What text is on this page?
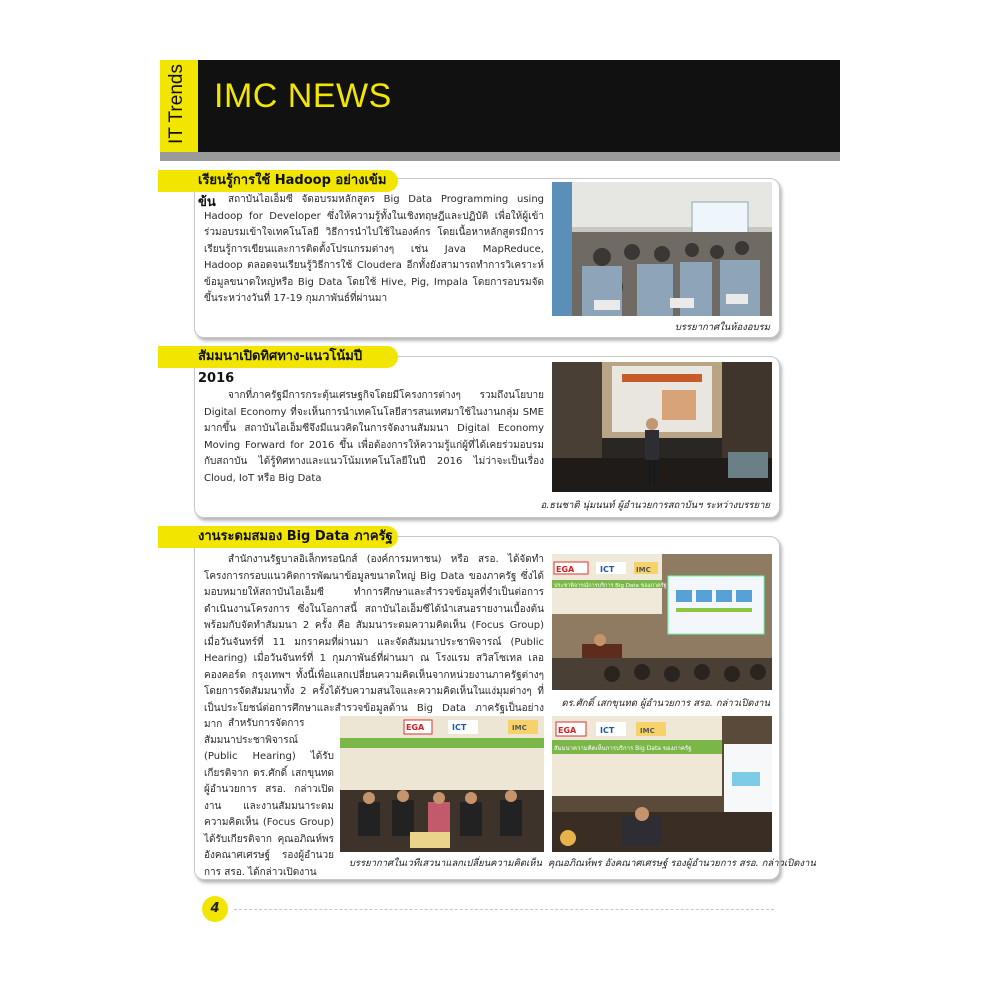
IT Trends IMC NEWS
เรียนรู้การใช้ Hadoop อย่างเข้มข้น	สถาบันไอเอ็มซี จัดอบรมหลักสูตร Big Data Programming using Hadoop for Developer ซึ่งให้ความรู้ทั้งในเชิงทฤษฎีและปฏิบัติ เพื่อให้ผู้เข้าร่วมอบรมเข้าใจเทคโนโลยี วิธีการนำไปใช้ในองค์กร โดยเนื้อหาหลักสูตรมีการเรียนรู้การเขียนและการติดตั้งโปรแกรมต่างๆ เช่น Java MapReduce, Hadoop ตลอดจนเรียนรู้วิธีการใช้ Cloudera อีกทั้งยังสามารถทำการวิเคราะห์ข้อมูลขนาดใหญ่หรือ Big Data โดยใช้ Hive, Pig, Impala โดยการอบรมจัดขึ้นระหว่างวันที่ 17-19 กุมภาพันธ์ที่ผ่านมา
บรรยากาศในห้องอบรม
สัมมนาเปิดทิศทาง-แนวโน้มปี 2016
จากที่ภาครัฐมีการกระตุ้นเศรษฐกิจโดยมีโครงการต่างๆ รวมถึงนโยบาย Digital Economy ที่จะเห็นการนำเทคโนโลยีสารสนเทศมาใช้ในงานกลุ่ม SME มากขึ้น สถาบันไอเอ็มซีจึงมีแนวคิดในการจัดงานสัมมนา Digital Economy Moving Forward for 2016 ขึ้น เพื่อต้องการให้ความรู้แก่ผู้ที่ได้เคยร่วมอบรมกับสถาบัน ได้รู้ทิศทางและแนวโน้มเทคโนโลยีในปี 2016 ไม่ว่าจะเป็นเรื่อง Cloud, IoT หรือ Big Data
อ.ธนชาติ นุ่มนนท์ ผู้อำนวยการสถาบันฯ ระหว่างบรรยาย
งานระดมสมอง Big Data ภาครัฐ
สำนักงานรัฐบาลอิเล็กทรอนิกส์ (องค์การมหาชน) หรือ สรอ. ได้จัดทำโครงการกรอบแนวคิดการพัฒนาข้อมูลขนาดใหญ่ Big Data ของภาครัฐ ซึ่งได้มอบหมายให้สถาบันไอเอ็มซี ทำการศึกษาและสำรวจข้อมูลที่จำเป็นต่อการดำเนินงานโครงการ ซึ่งในโอกาสนี้ สถาบันไอเอ็มซีได้นำเสนอรายงานเบื้องต้น พร้อมกับจัดทำสัมมนา 2 ครั้ง คือ สัมมนาระดมความคิดเห็น (Focus Group) เมื่อวันจันทร์ที่ 11 มกราคมที่ผ่านมา และจัดสัมมนาประชาพิจารณ์ (Public Hearing) เมื่อวันจันทร์ที่ 1 กุมภาพันธ์ที่ผ่านมา ณ โรงแรม สวิสโซเทล เลอคองคอร์ด กรุงเทพฯ ทั้งนี้เพื่อแลกเปลี่ยนความคิดเห็นจากหน่วยงานภาครัฐต่างๆ โดยการจัดสัมมนาทั้ง 2 ครั้งได้รับความสนใจและความคิดเห็นในแง่มุมต่างๆ ที่เป็นประโยชน์ต่อการศึกษาและสำรวจข้อมูลด้าน Big Data ภาครัฐเป็นอย่างมาก สำหรับการจัดการสัมมนาประชาพิจารณ์ (Public Hearing) ได้รับเกียรติจาก ดร.ศักดิ์ เสกขุนทด ผู้อำนวยการ สรอ. กล่าวเปิดงาน และงานสัมมนาระดมความคิดเห็น (Focus Group) ได้รับเกียรติจาก คุณอภิณห์พร อังคณาศเศรษฐ์ รองผู้อำนวยการ สรอ. ได้กล่าวเปิดงาน
EGA	ICT	IMC
ประชาพิจารณ์การบริการ Big Data ของภาครัฐ
ดร.ศักดิ์ เสกขุนทด ผู้อำนวยการ สรอ. กล่าวเปิดงาน
EGA	ICT	IMC
บรรยากาศในเวทีเสวนาแลกเปลี่ยนความคิดเห็น
EGA	ICT	IMC
สัมมนาความคิดเห็นการบริการ Big Data ของภาครัฐ
คุณอภิณห์พร อังคณาศเศรษฐ์ รองผู้อำนวยการ สรอ. กล่าวเปิดงาน
4
